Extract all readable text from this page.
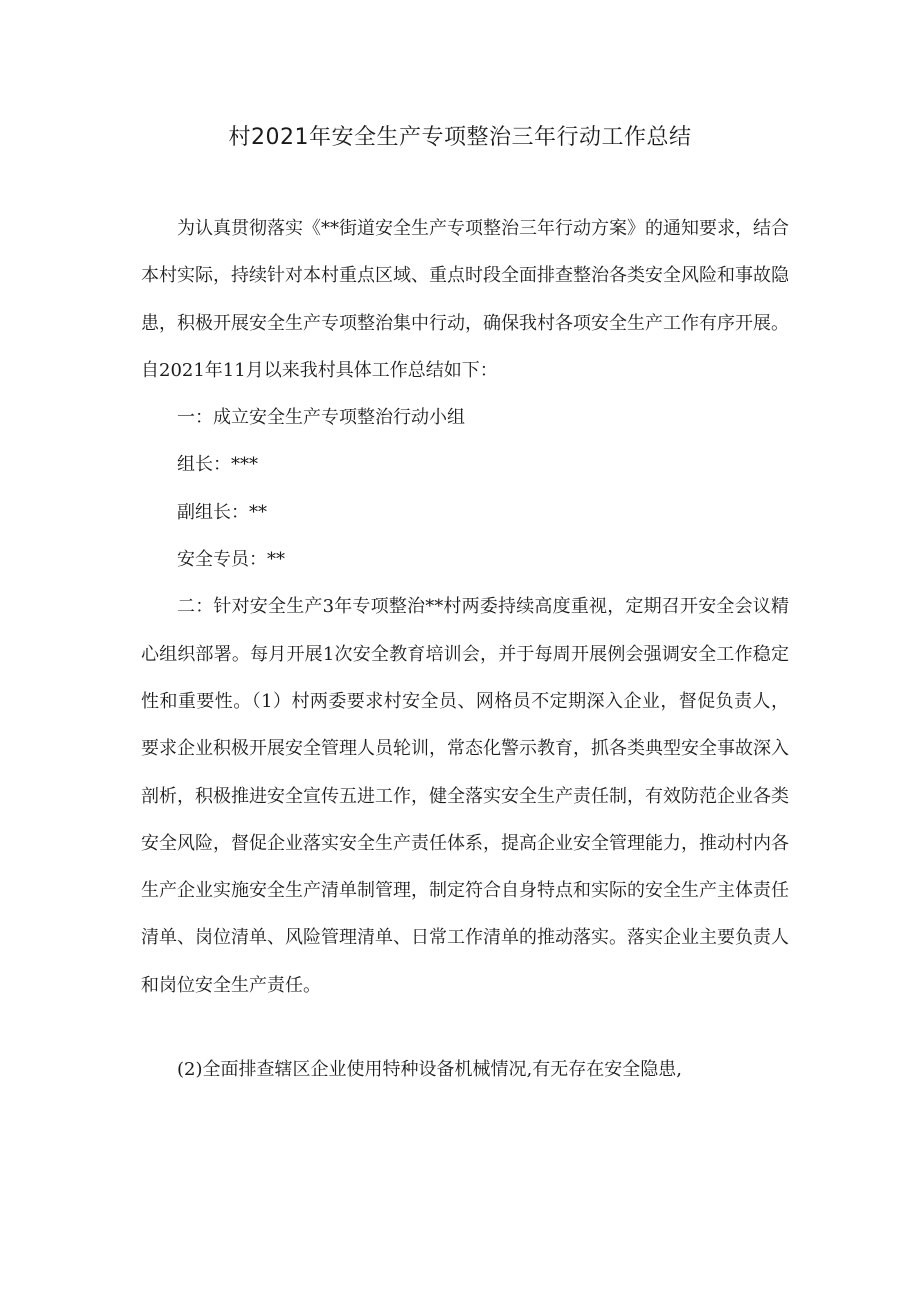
村2021年安全生产专项整治三年行动工作总结

为认真贯彻落实《**街道安全生产专项整治三年行动方案》的通知要求，结合本村实际，持续针对本村重点区域、重点时段全面排查整治各类安全风险和事故隐患，积极开展安全生产专项整治集中行动，确保我村各项安全生产工作有序开展。自2021年11月以来我村具体工作总结如下：

一：成立安全生产专项整治行动小组

组长：***

副组长：**

安全专员：**

二：针对安全生产3年专项整治**村两委持续高度重视，定期召开安全会议精心组织部署。每月开展1次安全教育培训会，并于每周开展例会强调安全工作稳定性和重要性。（1）村两委要求村安全员、网格员不定期深入企业，督促负责人，要求企业积极开展安全管理人员轮训，常态化警示教育，抓各类典型安全事故深入剖析，积极推进安全宣传五进工作，健全落实安全生产责任制，有效防范企业各类安全风险，督促企业落实安全生产责任体系，提高企业安全管理能力，推动村内各生产企业实施安全生产清单制管理，制定符合自身特点和实际的安全生产主体责任清单、岗位清单、风险管理清单、日常工作清单的推动落实。落实企业主要负责人和岗位安全生产责任。

(2)全面排查辖区企业使用特种设备机械情况,有无存在安全隐患,
